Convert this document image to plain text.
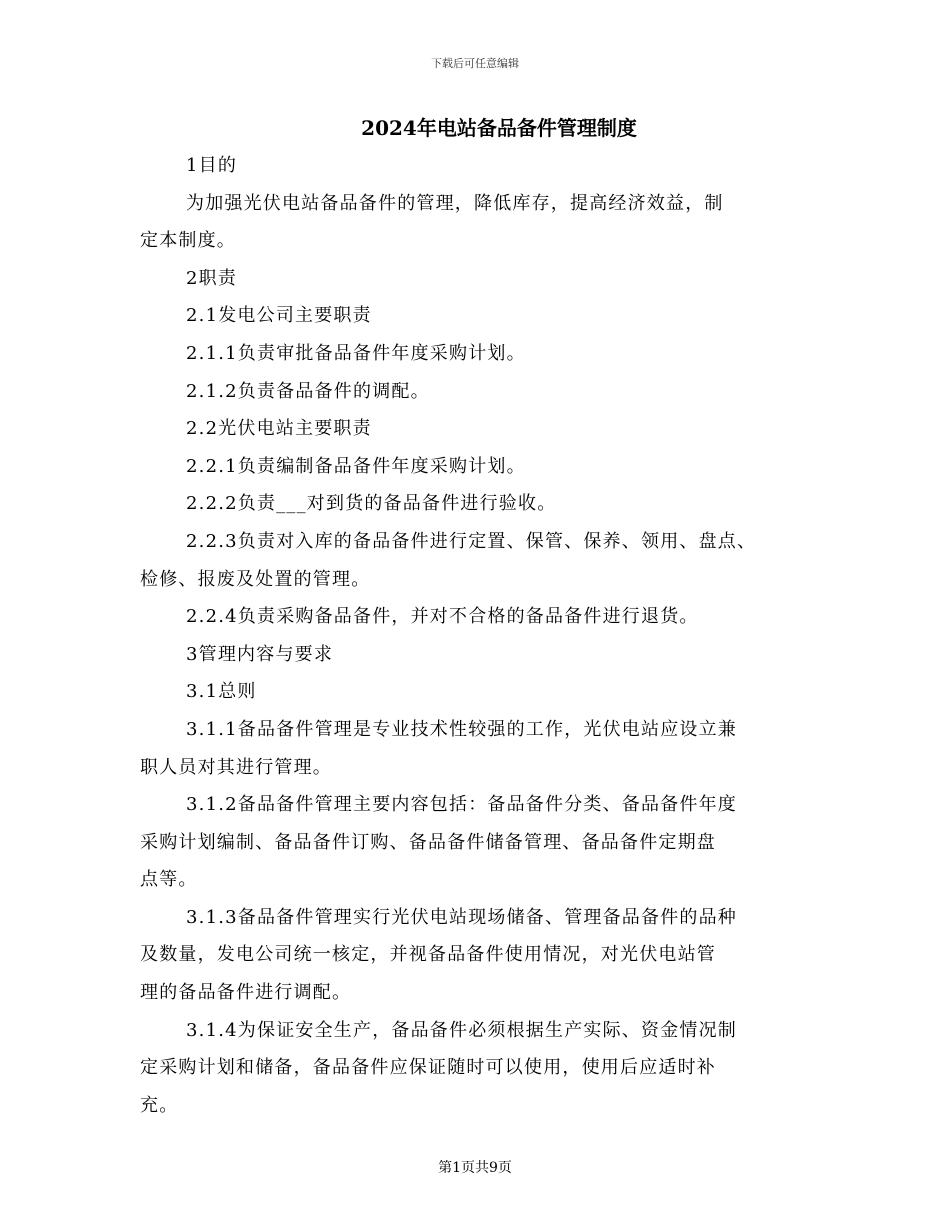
下载后可任意编辑
2024年电站备品备件管理制度
1目的
为加强光伏电站备品备件的管理，降低库存，提高经济效益，制
定本制度。
2职责
2.1发电公司主要职责
2.1.1负责审批备品备件年度采购计划。
2.1.2负责备品备件的调配。
2.2光伏电站主要职责
2.2.1负责编制备品备件年度采购计划。
2.2.2负责___对到货的备品备件进行验收。
2.2.3负责对入库的备品备件进行定置、保管、保养、领用、盘点、
检修、报废及处置的管理。
2.2.4负责采购备品备件，并对不合格的备品备件进行退货。
3管理内容与要求
3.1总则
3.1.1备品备件管理是专业技术性较强的工作，光伏电站应设立兼
职人员对其进行管理。
3.1.2备品备件管理主要内容包括：备品备件分类、备品备件年度
采购计划编制、备品备件订购、备品备件储备管理、备品备件定期盘
点等。
3.1.3备品备件管理实行光伏电站现场储备、管理备品备件的品种
及数量，发电公司统一核定，并视备品备件使用情况，对光伏电站管
理的备品备件进行调配。
3.1.4为保证安全生产，备品备件必须根据生产实际、资金情况制
定采购计划和储备，备品备件应保证随时可以使用，使用后应适时补
充。
第1页共9页
